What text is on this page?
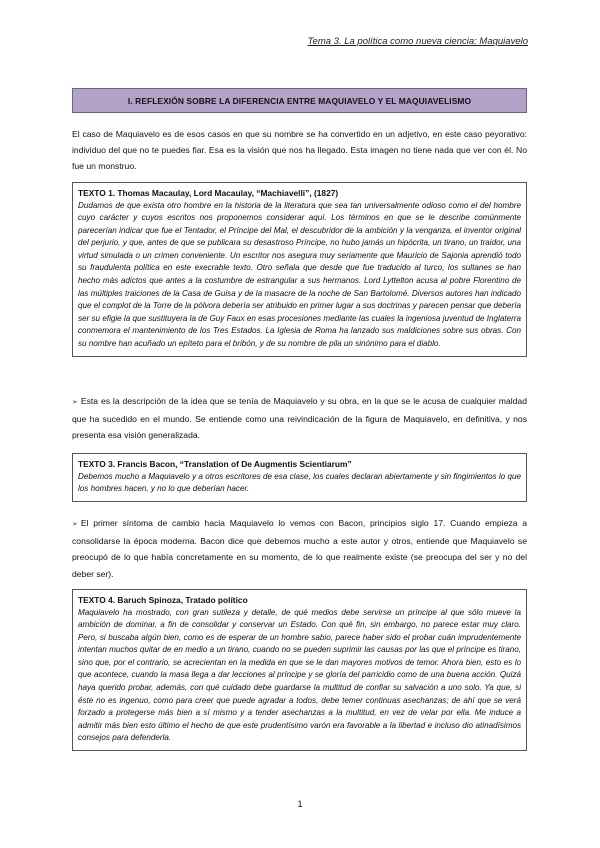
Tema 3. La política como nueva ciencia: Maquiavelo
I. REFLEXIÓN SOBRE LA DIFERENCIA ENTRE MAQUIAVELO Y EL MAQUIAVELISMO
El caso de Maquiavelo es de esos casos en que su nombre se ha convertido en un adjetivo, en este caso peyorativo: individuo del que no te puedes fiar. Esa es la visión que nos ha llegado. Esta imagen no tiene nada que ver con él. No fue un monstruo.
TEXTO 1. Thomas Macaulay, Lord Macaulay, “Machiavelli”, (1827)
Dudamos de que exista otro hombre en la historia de la literatura que sea tan universalmente odioso como el del hombre cuyo carácter y cuyos escritos nos proponemos considerar aquí. Los términos en que se le describe comúnmente parecerían indicar que fue el Tentador, el Príncipe del Mal, el descubridor de la ambición y la venganza, el inventor original del perjurio, y que, antes de que se publicara su desastroso Príncipe, no hubo jamás un hipócrita, un tirano, un traidor, una virtud simulada o un crimen conveniente. Un escritor nos asegura muy seriamente que Mauricio de Sajonia aprendió todo su fraudulenta política en este execrable texto. Otro señala que desde que fue traducido al turco, los sultanes se han hecho más adictos que antes a la costumbre de estrangular a sus hermanos. Lord Lyttelton acusa al pobre Florentino de las múltiples traiciones de la Casa de Guisa y de la masacre de la noche de San Bartolomé. Diversos autores han indicado que el complot de la Torre de la pólvora debería ser atribuido en primer lugar a sus doctrinas y parecen pensar que debería ser su efigie la que sustituyera la de Guy Faux en esas procesiones mediante las cuales la ingeniosa juventud de Inglaterra conmemora el mantenimiento de los Tres Estados. La Iglesia de Roma ha lanzado sus maldiciones sobre sus obras. Con su nombre han acuñado un epíteto para el bribón, y de su nombre de pila un sinónimo para el diablo.
➢ Esta es la descripción de la idea que se tenía de Maquiavelo y su obra, en la que se le acusa de cualquier maldad que ha sucedido en el mundo. Se entiende como una reivindicación de la figura de Maquiavelo, en definitiva, y nos presenta esa visión generalizada.
TEXTO 3. Francis Bacon, “Translation of De Augmentis Scientiarum”
Debemos mucho a Maquiavelo y a otros escritores de esa clase, los cuales declaran abiertamente y sin fingimientos lo que los hombres hacen, y no lo que deberían hacer.
➢ El primer síntoma de cambio hacia Maquiavelo lo vemos con Bacon, principios siglo 17. Cuando empieza a consolidarse la época moderna. Bacon dice que debemos mucho a este autor y otros, entiende que Maquiavelo se preocupó de lo que había concretamente en su momento, de lo que realmente existe (se preocupa del ser y no del deber ser).
TEXTO 4. Baruch Spinoza, Tratado político
Maquiavelo ha mostrado, con gran sutileza y detalle, de qué medios debe servirse un príncipe al que sólo mueve la ambición de dominar, a fin de consolidar y conservar un Estado. Con qué fin, sin embargo, no parece estar muy claro. Pero, si buscaba algún bien, como es de esperar de un hombre sabio, parece haber sido el probar cuán imprudentemente intentan muchos quitar de en medio a un tirano, cuando no se pueden suprimir las causas por las que el príncipe es tirano, sino que, por el contrario, se acrecientan en la medida en que se le dan mayores motivos de temor. Ahora bien, esto es lo que acontece, cuando la masa llega a dar lecciones al príncipe y se gloría del parricidio como de una buena acción. Quizá haya querido probar, además, con qué cuidado debe guardarse la multitud de confiar su salvación a uno solo. Ya que, si éste no es ingenuo, como para creer que puede agradar a todos, debe temer continuas asechanzas; de ahí que se verá forzado a protegerse más bien a sí mismo y a tender asechanzas a la multitud, en vez de velar por ella. Me induce a admitir más bien esto último el hecho de que este prudentísimo varón era favorable a la libertad e incluso dio atinadísimos consejos para defenderla.
1
